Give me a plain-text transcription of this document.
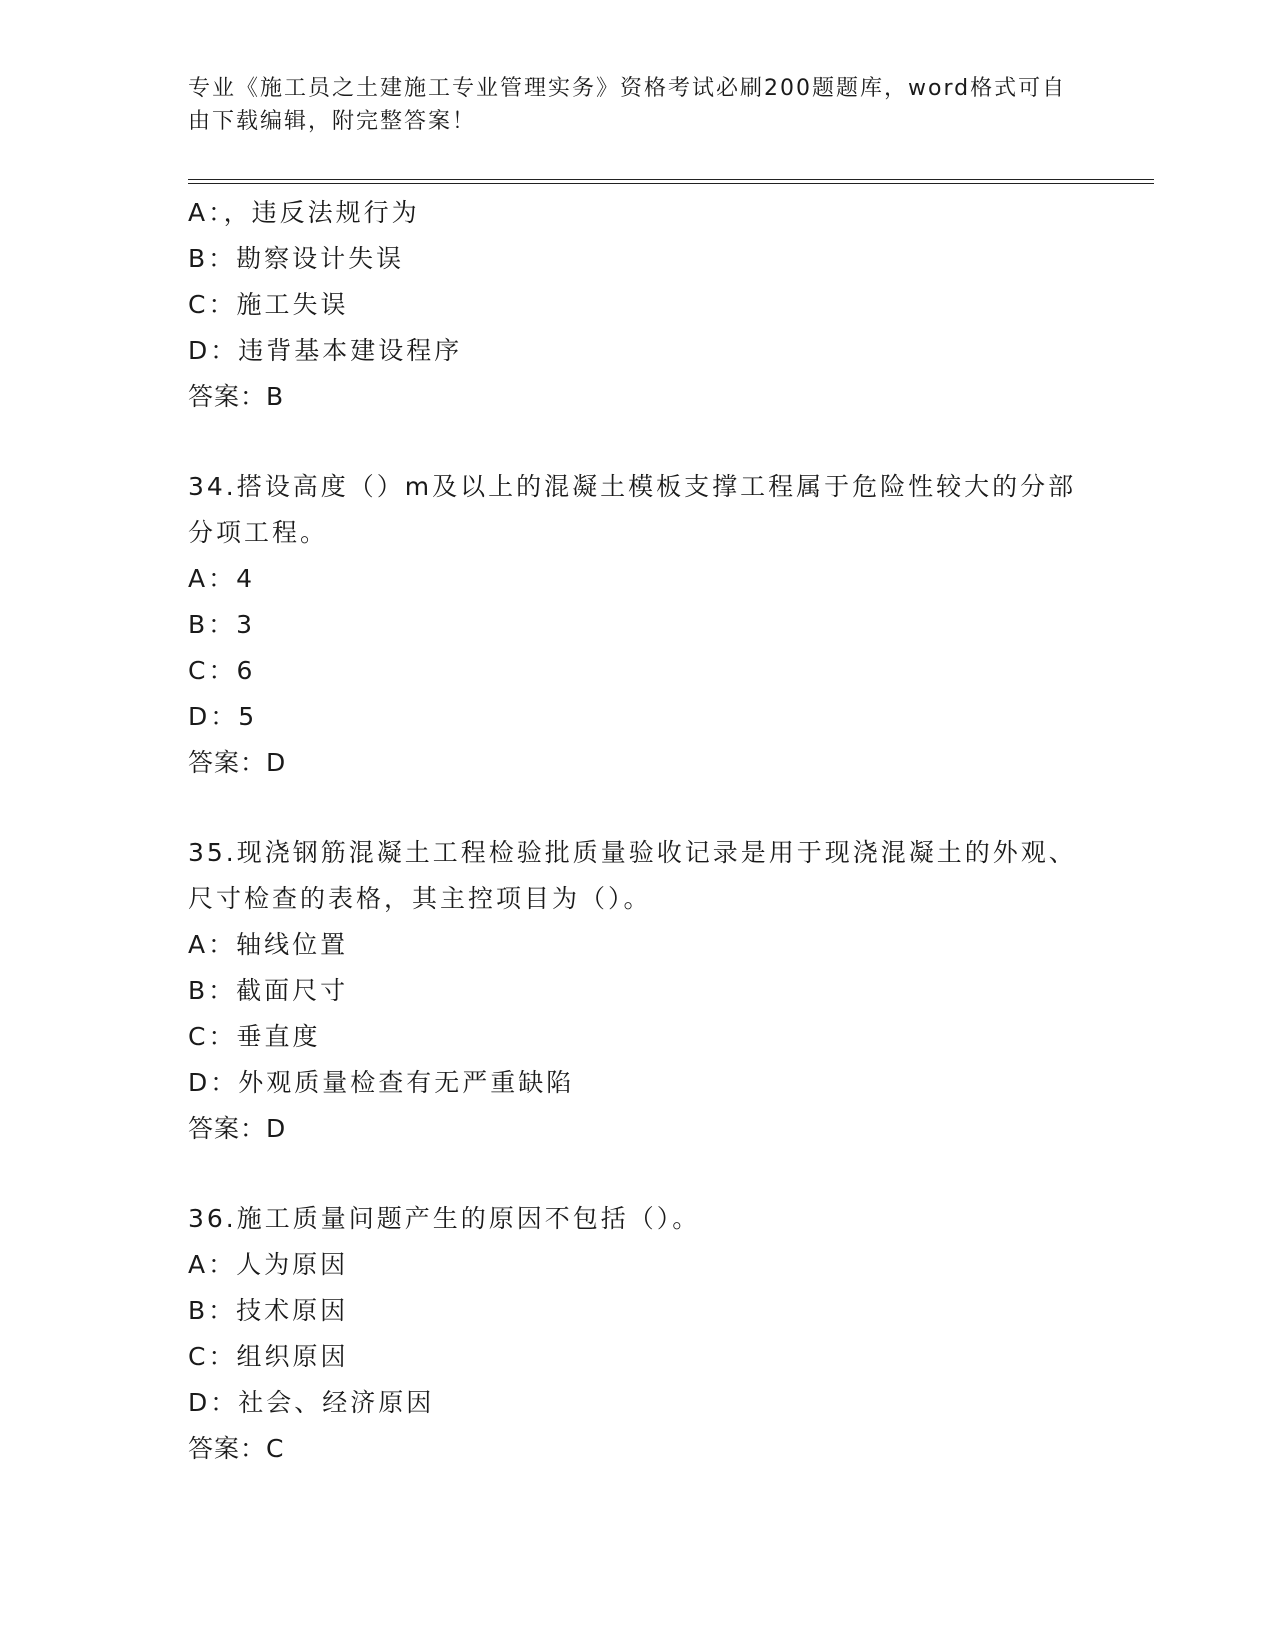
专业《施工员之土建施工专业管理实务》资格考试必刷200题题库，word格式可自由下载编辑，附完整答案！
A：，违反法规行为
B：勘察设计失误
C：施工失误
D：违背基本建设程序
答案：B
34.搭设高度（）m及以上的混凝土模板支撑工程属于危险性较大的分部分项工程。
A：4
B：3
C：6
D：5
答案：D
35.现浇钢筋混凝土工程检验批质量验收记录是用于现浇混凝土的外观、尺寸检查的表格，其主控项目为（）。
A：轴线位置
B：截面尺寸
C：垂直度
D：外观质量检查有无严重缺陷
答案：D
36.施工质量问题产生的原因不包括（）。
A：人为原因
B：技术原因
C：组织原因
D：社会、经济原因
答案：C
